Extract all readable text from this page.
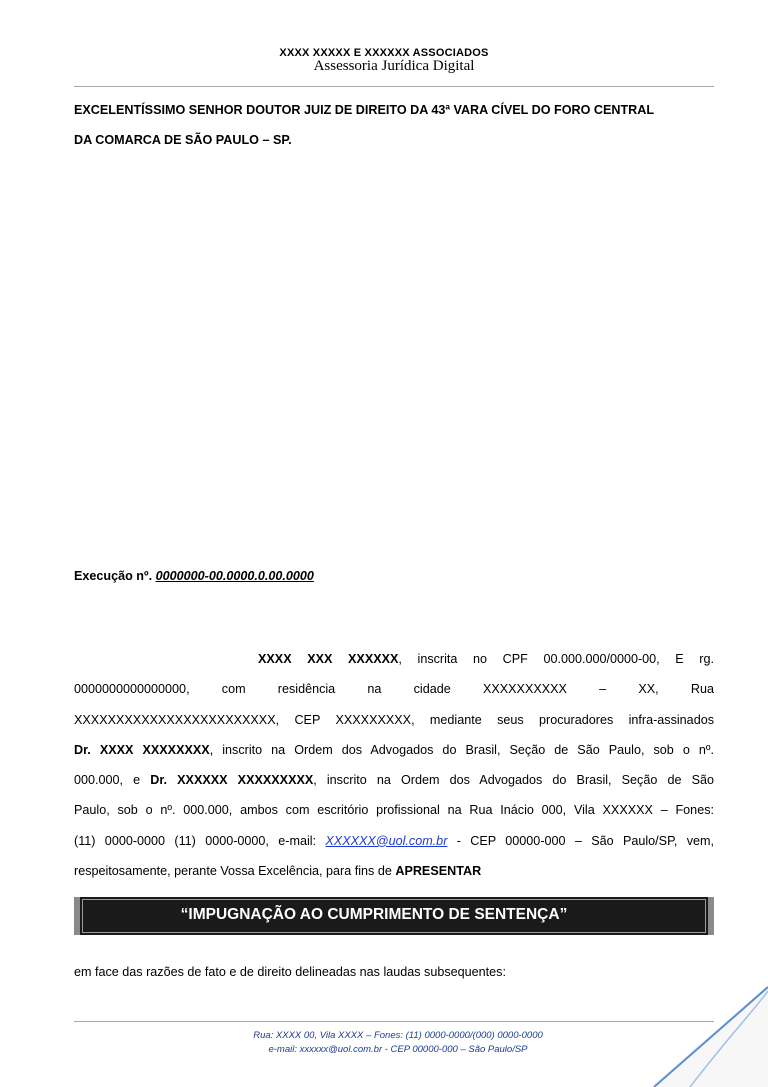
XXXX XXXXX E XXXXXX ASSOCIADOS
Assessoria Jurídica Digital
EXCELENTÍSSIMO SENHOR DOUTOR JUIZ DE DIREITO DA 43ª VARA CÍVEL DO FORO CENTRAL
DA COMARCA DE SÃO PAULO – SP.
Execução nº. 0000000-00.0000.0.00.0000
XXXX XXX XXXXXX, inscrita no CPF 00.000.000/0000-00, E rg.
0000000000000000, com residência na cidade XXXXXXXXXX – XX, Rua
XXXXXXXXXXXXXXXXXXXXXXXX, CEP XXXXXXXXX, mediante seus procuradores infra-assinados
Dr. XXXX XXXXXXXX, inscrito na Ordem dos Advogados do Brasil, Seção de São Paulo, sob o nº.
000.000, e Dr. XXXXXX XXXXXXXXX, inscrito na Ordem dos Advogados do Brasil, Seção de São
Paulo, sob o nº. 000.000, ambos com escritório profissional na Rua Inácio 000, Vila XXXXXX – Fones:
(11) 0000-0000 (11) 0000-0000, e-mail: XXXXXX@uol.com.br - CEP 00000-000 – São Paulo/SP, vem,
respeitosamente, perante Vossa Excelência, para fins de APRESENTAR
“IMPUGNAÇÃO AO CUMPRIMENTO DE SENTENÇA”
em face das razões de fato e de direito delineadas nas laudas subsequentes:
Rua: XXXX 00, Vila XXXX – Fones: (11) 0000-0000/(000) 0000-0000
e-mail: xxxxxx@uol.com.br - CEP 00000-000 – São Paulo/SP
